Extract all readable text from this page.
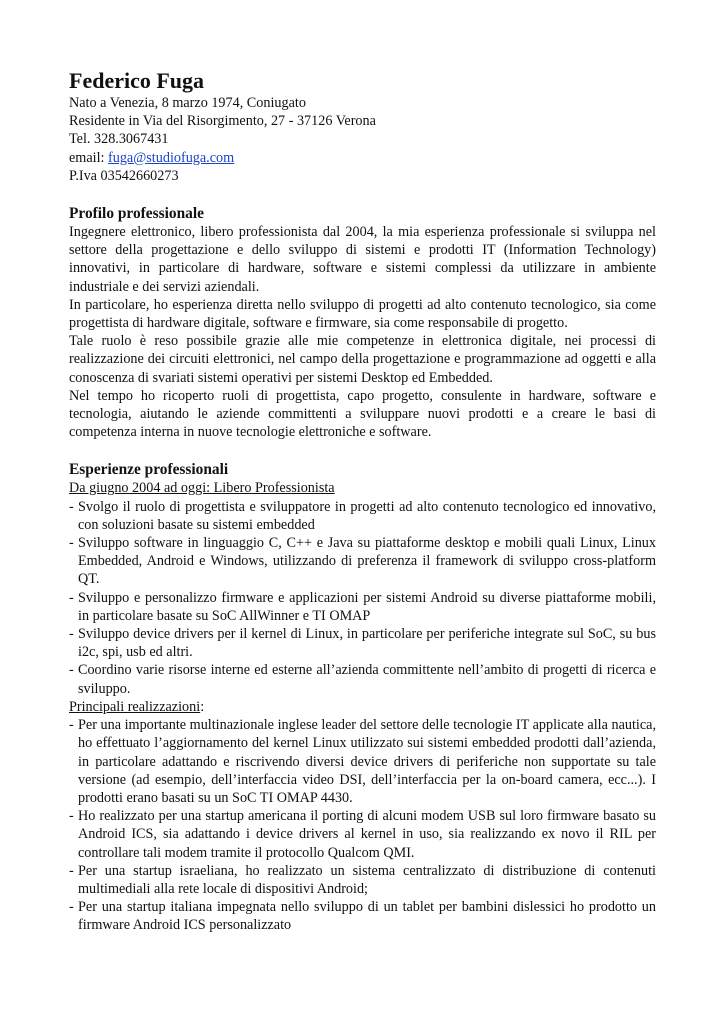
Federico Fuga

Nato a Venezia, 8 marzo 1974, Coniugato

Residente in Via del Risorgimento, 27 - 37126 Verona

Tel. 328.3067431

email: fuga@studiofuga.com

P.Iva 03542660273

Profilo professionale

Ingegnere elettronico, libero professionista dal 2004, la mia esperienza professionale si sviluppa nel settore della progettazione e dello sviluppo di sistemi e prodotti IT (Information Technology) innovativi, in particolare di hardware, software e sistemi complessi da utilizzare in ambiente industriale e dei servizi aziendali.

In particolare, ho esperienza diretta nello sviluppo di progetti ad alto contenuto tecnologico, sia come progettista di hardware digitale, software e firmware, sia come responsabile di progetto.

Tale ruolo è reso possibile grazie alle mie competenze in elettronica digitale, nei processi di realizzazione dei circuiti elettronici, nel campo della progettazione e programmazione ad oggetti e alla conoscenza di svariati sistemi operativi per sistemi Desktop ed Embedded.

Nel tempo ho ricoperto ruoli di progettista, capo progetto, consulente in hardware, software e tecnologia, aiutando le aziende committenti a sviluppare nuovi prodotti e a creare le basi di competenza interna in nuove tecnologie elettroniche e software.

Esperienze professionali

Da giugno 2004 ad oggi: Libero Professionista

- Svolgo il ruolo di progettista e sviluppatore in progetti ad alto contenuto tecnologico ed innovativo, con soluzioni basate su sistemi embedded
- Sviluppo software in linguaggio C, C++ e Java su piattaforme desktop e mobili quali Linux, Linux Embedded, Android e Windows, utilizzando di preferenza il framework di sviluppo cross-platform QT.
- Sviluppo e personalizzo firmware e applicazioni per sistemi Android su diverse piattaforme mobili, in particolare basate su SoC AllWinner e TI OMAP
- Sviluppo device drivers per il kernel di Linux, in particolare per periferiche integrate sul SoC, su bus i2c, spi, usb ed altri.
- Coordino varie risorse interne ed esterne all’azienda committente nell’ambito di progetti di ricerca e sviluppo.

Principali realizzazioni:

- Per una importante multinazionale inglese leader del settore delle tecnologie IT applicate alla nautica, ho effettuato l’aggiornamento del kernel Linux utilizzato sui sistemi embedded prodotti dall’azienda, in particolare adattando e riscrivendo diversi device drivers di periferiche non supportate su tale versione (ad esempio, dell’interfaccia video DSI, dell’interfaccia per la on-board camera, ecc...). I prodotti erano basati su un SoC TI OMAP 4430.
- Ho realizzato per una startup americana il porting di alcuni modem USB sul loro firmware basato su Android ICS, sia adattando i device drivers al kernel in uso, sia realizzando ex novo il RIL per controllare tali modem tramite il protocollo Qualcom QMI.
- Per una startup israeliana, ho realizzato un sistema centralizzato di distribuzione di contenuti multimediali alla rete locale di dispositivi Android;
- Per una startup italiana impegnata nello sviluppo di un tablet per bambini dislessici ho prodotto un firmware Android ICS personalizzato
